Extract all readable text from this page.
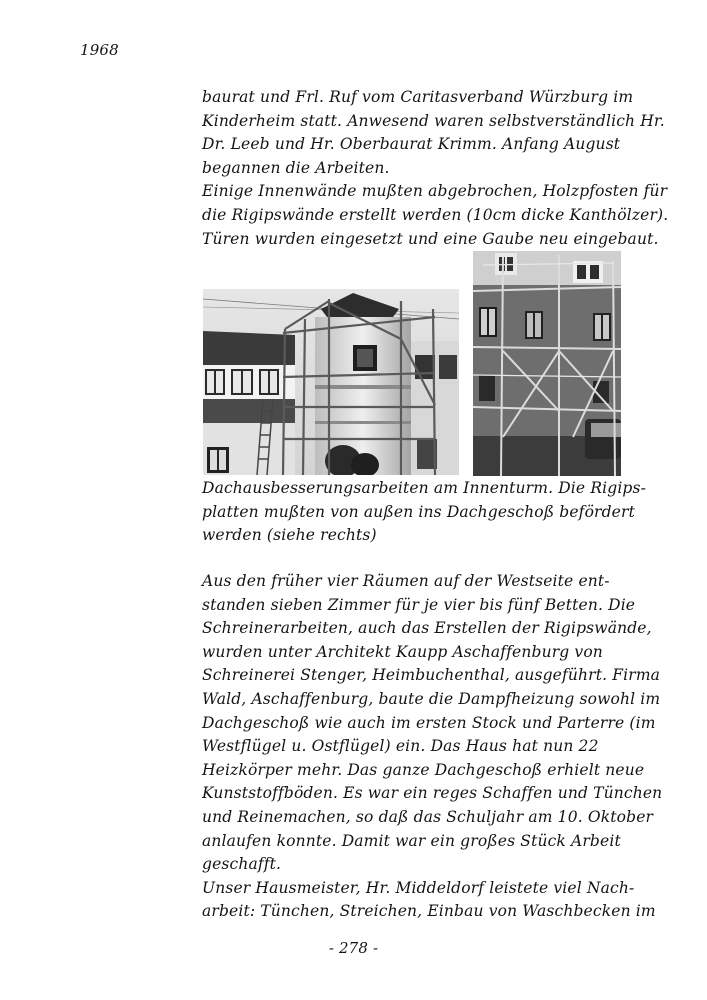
1968
baurat und Frl. Ruf vom Caritasverband Würzburg im
Kinderheim statt. Anwesend waren selbstverständlich Hr.
Dr. Leeb und Hr. Oberbaurat Krimm. Anfang August
begannen die Arbeiten.
Einige Innenwände mußten abgebrochen, Holzpfosten für
die Rigipswände erstellt werden (10cm dicke Kanthölzer).
Türen wurden eingesetzt und eine Gaube neu eingebaut.
Dachausbesserungsarbeiten am Innenturm. Die Rigips-
platten mußten von außen ins Dachgeschoß befördert
werden (siehe rechts)
Aus den früher vier Räumen auf der Westseite ent-
standen sieben Zimmer für je vier bis fünf Betten. Die
Schreinerarbeiten, auch das Erstellen der Rigipswände,
wurden unter Architekt Kaupp Aschaffenburg von
Schreinerei Stenger, Heimbuchenthal, ausgeführt. Firma
Wald, Aschaffenburg, baute die Dampfheizung sowohl im
Dachgeschoß wie auch im ersten Stock und Parterre (im
Westflügel u. Ostflügel) ein. Das Haus hat nun 22
Heizkörper mehr. Das ganze Dachgeschoß erhielt neue
Kunststoffböden. Es war ein reges Schaffen und Tünchen
und Reinemachen, so daß das Schuljahr am 10. Oktober
anlaufen konnte. Damit war ein großes Stück Arbeit
geschafft.
Unser Hausmeister, Hr. Middeldorf leistete viel Nach-
arbeit: Tünchen, Streichen, Einbau von Waschbecken im
- 278 -
